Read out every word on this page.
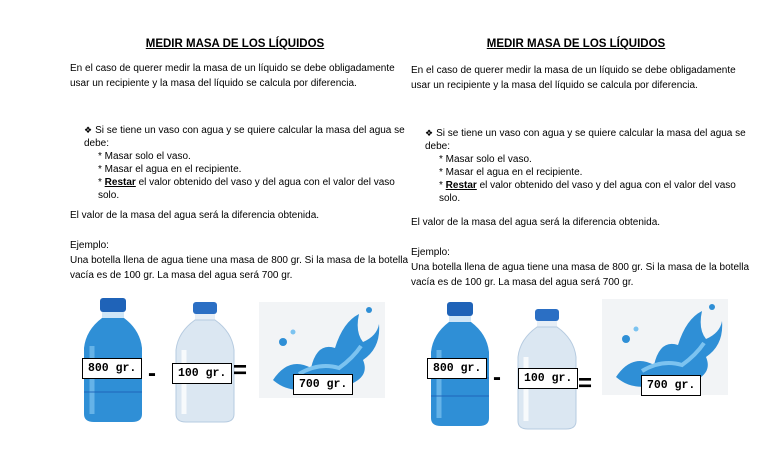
MEDIR MASA DE LOS LÍQUIDOS
En el caso de querer medir la masa de un líquido se debe obligadamente usar un recipiente y la masa del líquido se calcula por diferencia.
❖ Si se tiene un vaso con agua y se quiere calcular la masa del agua se debe:
* Masar solo el vaso.
* Masar el agua en el recipiente.
* Restar el valor obtenido del vaso y del agua con el valor del vaso solo.
El valor de la masa del agua será la diferencia obtenida.
Ejemplo:
Una botella llena de agua tiene una masa de 800 gr. Si la masa de la botella vacía es de 100 gr. La masa del agua será 700 gr.
800 gr. -	100 gr. =
700 gr.
MEDIR MASA DE LOS LÍQUIDOS
En el caso de querer medir la masa de un líquido se debe obligadamente usar un recipiente y la masa del líquido se calcula por diferencia.
❖ Si se tiene un vaso con agua y se quiere calcular la masa del agua se debe:
* Masar solo el vaso.
* Masar el agua en el recipiente.
* Restar el valor obtenido del vaso y del agua con el valor del vaso solo.
El valor de la masa del agua será la diferencia obtenida.
Ejemplo:
Una botella llena de agua tiene una masa de 800 gr. Si la masa de la botella vacía es de 100 gr. La masa del agua será 700 gr.
800 gr. -	100 gr. =	700 gr.
